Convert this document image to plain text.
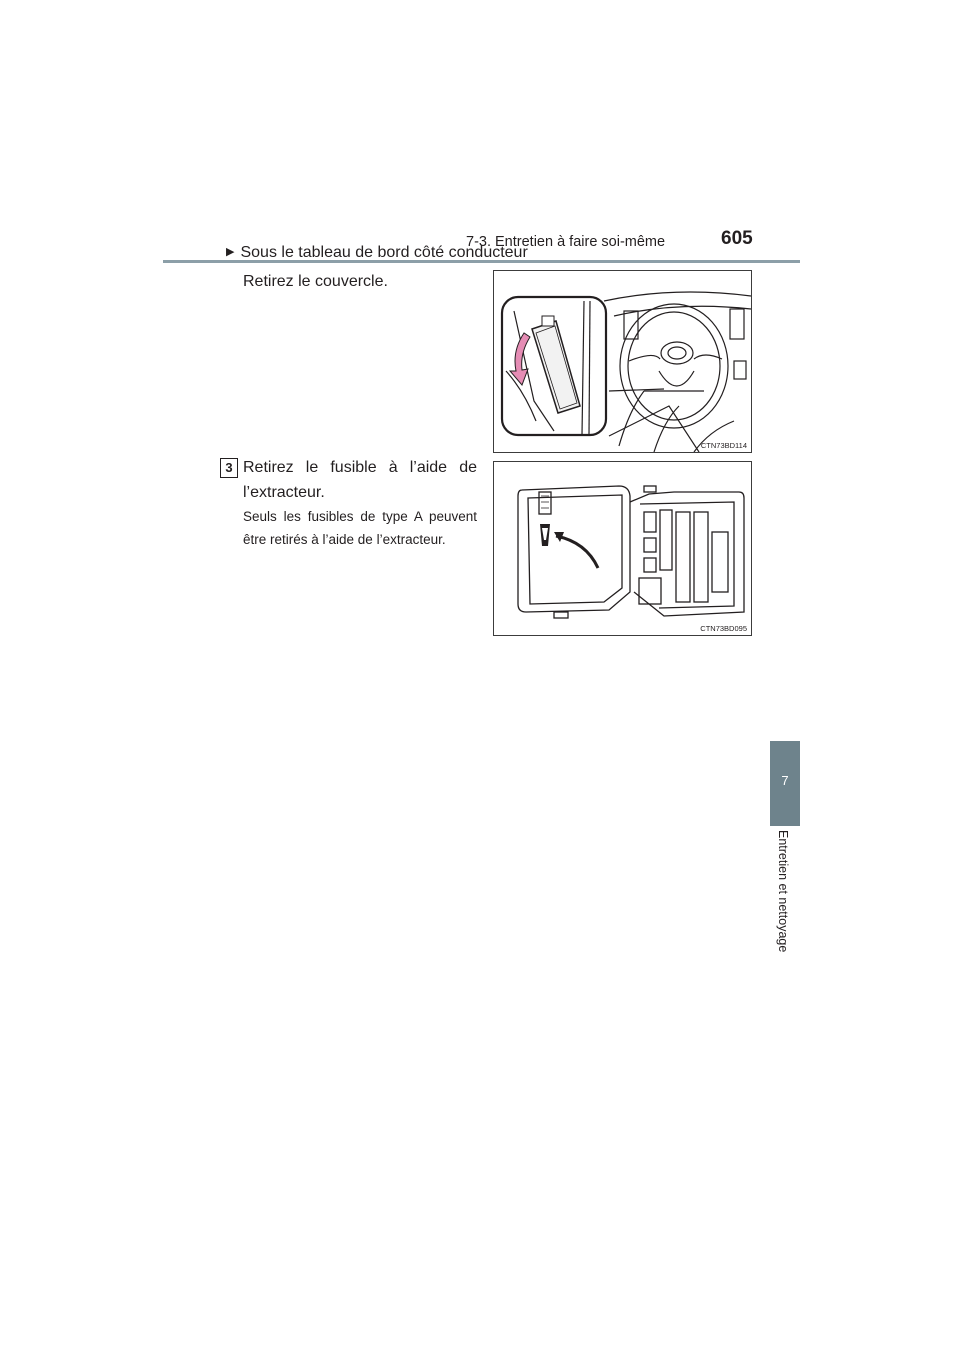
7-3. Entretien à faire soi-même	605
7
Entretien et nettoyage
▶ Sous le tableau de bord côté conducteur
Retirez le couvercle.
3 Retirez le fusible à l’aide de l’extracteur.
Seuls les fusibles de type A peuvent être retirés à l’aide de l’extracteur.
CTN73BD114
CTN73BD095
